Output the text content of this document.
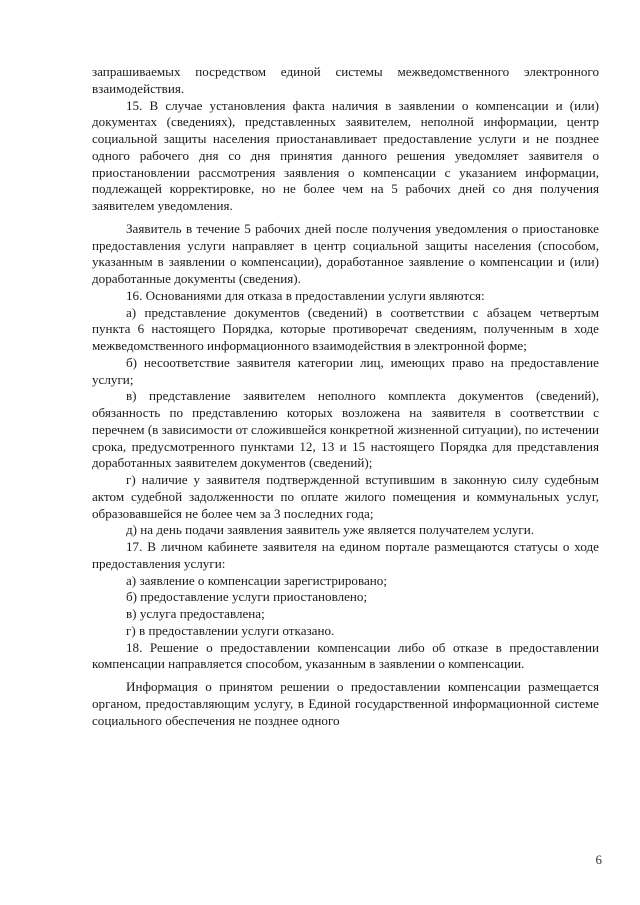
запрашиваемых посредством единой системы межведомственного электронного взаимодействия.

15. В случае установления факта наличия в заявлении о компенсации и (или) документах (сведениях), представленных заявителем, неполной информации, центр социальной защиты населения приостанавливает предоставление услуги и не позднее одного рабочего дня со дня принятия данного решения уведомляет заявителя о приостановлении рассмотрения заявления о компенсации с указанием информации, подлежащей корректировке, но не более чем на 5 рабочих дней со дня получения заявителем уведомления.

Заявитель в течение 5 рабочих дней после получения уведомления о приостановке предоставления услуги направляет в центр социальной защиты населения (способом, указанным в заявлении о компенсации), доработанное заявление о компенсации и (или) доработанные документы (сведения).

16. Основаниями для отказа в предоставлении услуги являются:

а) представление документов (сведений) в соответствии с абзацем четвертым пункта 6 настоящего Порядка, которые противоречат сведениям, полученным в ходе межведомственного информационного взаимодействия в электронной форме;

б) несоответствие заявителя категории лиц, имеющих право на предоставление услуги;

в) представление заявителем неполного комплекта документов (сведений), обязанность по представлению которых возложена на заявителя в соответствии с перечнем (в зависимости от сложившейся конкретной жизненной ситуации), по истечении срока, предусмотренного пунктами 12, 13 и 15 настоящего Порядка для представления доработанных заявителем документов (сведений);

г) наличие у заявителя подтвержденной вступившим в законную силу судебным актом судебной задолженности по оплате жилого помещения и коммунальных услуг, образовавшейся не более чем за 3 последних года;

д) на день подачи заявления заявитель уже является получателем услуги.

17. В личном кабинете заявителя на едином портале размещаются статусы о ходе предоставления услуги:

а) заявление о компенсации зарегистрировано;

б) предоставление услуги приостановлено;

в) услуга предоставлена;

г) в предоставлении услуги отказано.

18. Решение о предоставлении компенсации либо об отказе в предоставлении компенсации направляется способом, указанным в заявлении о компенсации.

Информация о принятом решении о предоставлении компенсации размещается органом, предоставляющим услугу, в Единой государственной информационной системе социального обеспечения не позднее одного

6
